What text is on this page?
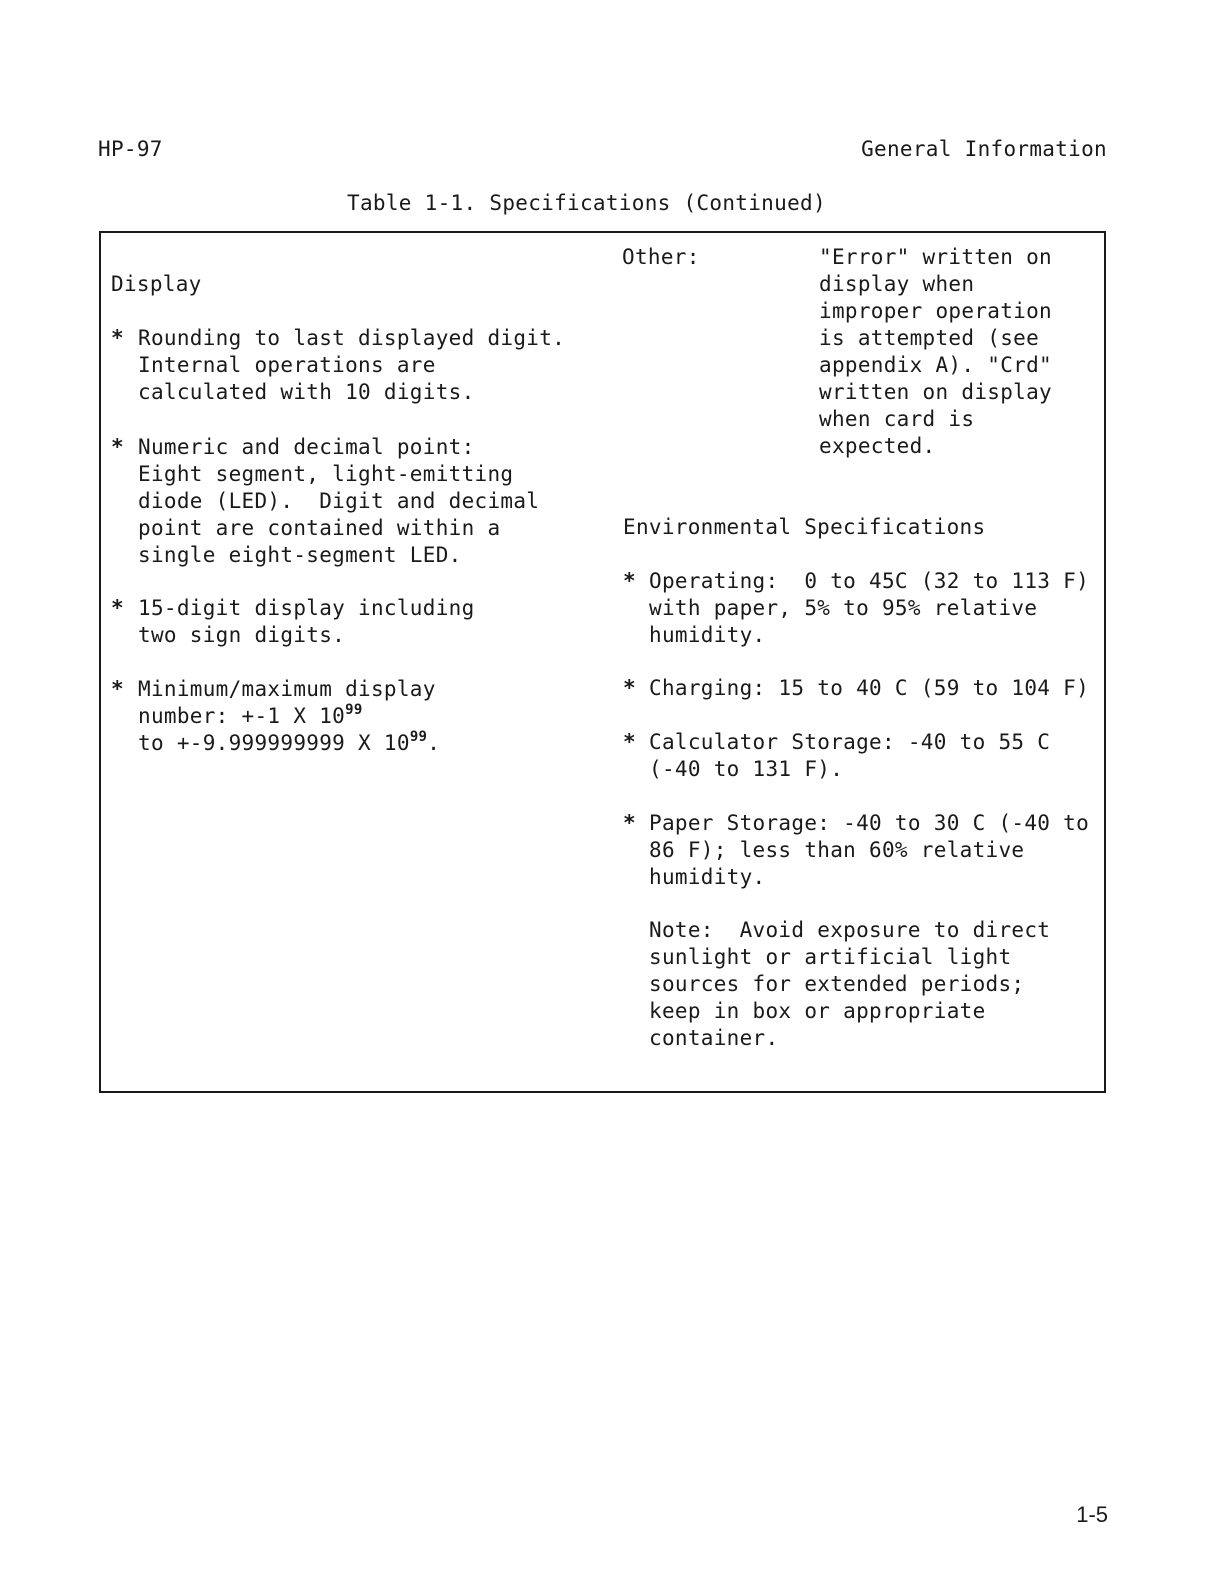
HP-97	General Information
Table 1-1. Specifications (Continued)
Display
* Rounding to last displayed digit.
Internal operations are
calculated with 10 digits.
* Numeric and decimal point:
Eight segment, light-emitting
diode (LED).  Digit and decimal
point are contained within a
single eight-segment LED.
* 15-digit display including
two sign digits.
* Minimum/maximum display
number: +-1 X $10^{99}$
to +-9.999999999 X $10^{99}$.
Other:	"Error" written on
display when
improper operation
is attempted (see
appendix A). "Crd"
written on display
when card is
expected.
Environmental Specifications
* Operating:  0 to 45C (32 to 113 F)
with paper, 5% to 95% relative
humidity.
* Charging: 15 to 40 C (59 to 104 F)
* Calculator Storage: -40 to 55 C
(-40 to 131 F).
* Paper Storage: -40 to 30 C (-40 to
86 F); less than 60% relative
humidity.
Note:  Avoid exposure to direct
sunlight or artificial light
sources for extended periods;
keep in box or appropriate
container.
1-5
